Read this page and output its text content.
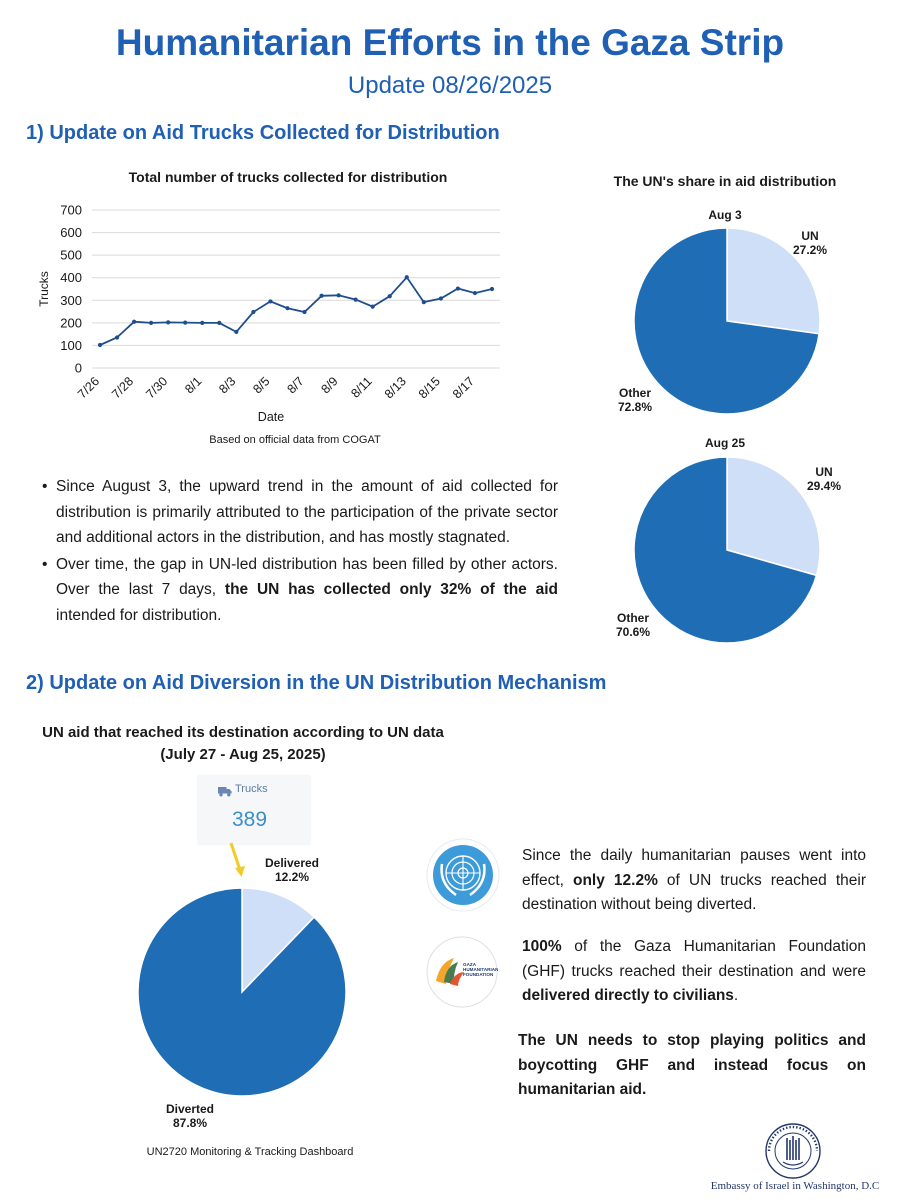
Humanitarian Efforts in the Gaza Strip
Update 08/26/2025
1) Update on Aid Trucks Collected for Distribution
Total number of trucks collected for distribution
0
100
200
300
400
500
600
700
Trucks
7/26 7/28 7/30 8/1 8/3 8/5 8/7 8/9 8/11 8/13 8/15 8/17
Date
Based on official data from COGAT
• Since August 3, the upward trend in the amount of aid collected for distribution is primarily attributed to the participation of the private sector and additional actors in the distribution, and has mostly stagnated.
• Over time, the gap in UN-led distribution has been filled by other actors. Over the last 7 days, the UN has collected only 32% of the aid intended for distribution.
The UN's share in aid distribution
Aug 3
UN
27.2%
Other
72.8%
Aug 25
UN
29.4%
Other
70.6%
2) Update on Aid Diversion in the UN Distribution Mechanism
UN aid that reached its destination according to UN data
(July 27 - Aug 25, 2025)
Trucks
389
Delivered
12.2%
Diverted
87.8%
UN2720 Monitoring & Tracking Dashboard
GAZA
HUMANITARIAN
FOUNDATION
Since the daily humanitarian pauses went into effect, only 12.2% of UN trucks reached their destination without being diverted.
100% of the Gaza Humanitarian Foundation (GHF) trucks reached their destination and were delivered directly to civilians.
The UN needs to stop playing politics and boycotting GHF and instead focus on humanitarian aid.
Embassy of Israel in Washington, D.C
